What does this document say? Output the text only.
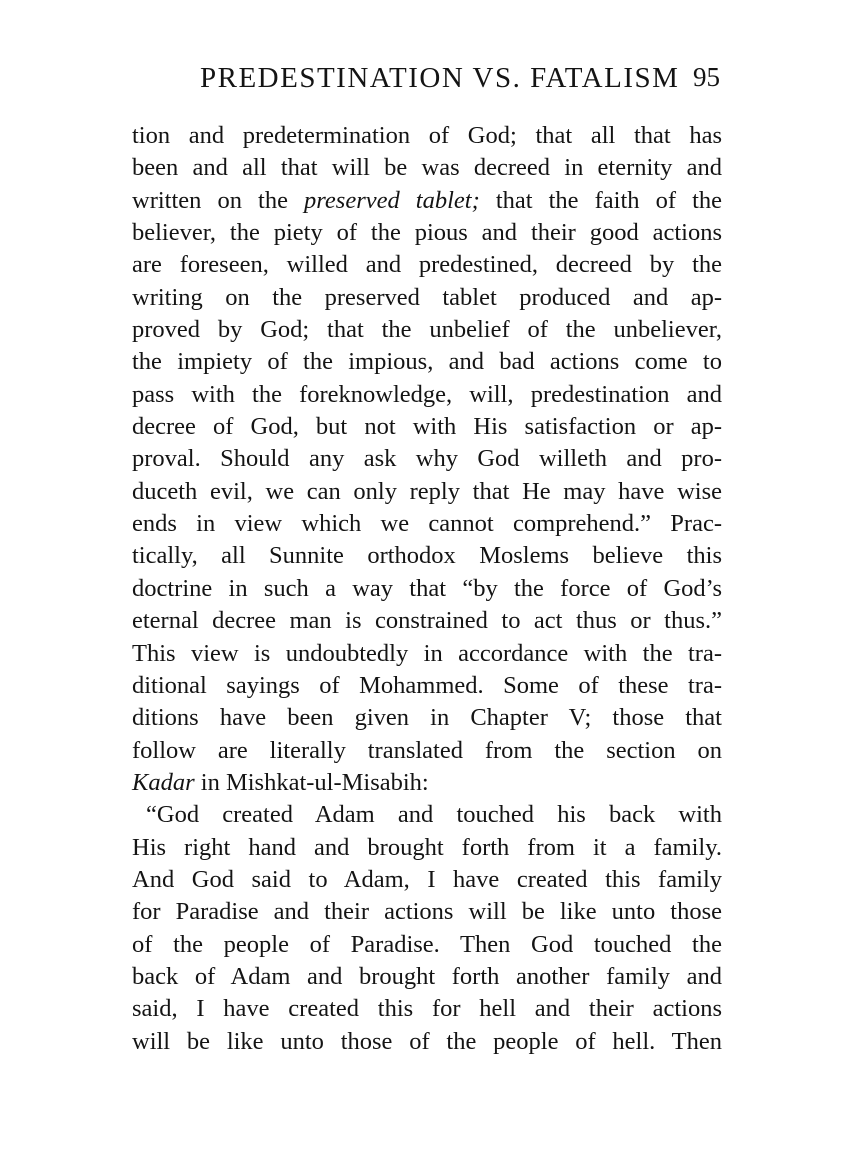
PREDESTINATION VS. FATALISM 95
tion and predetermination of God; that all that has
been and all that will be was decreed in eternity and
written on the preserved tablet; that the faith of the
believer, the piety of the pious and their good actions
are foreseen, willed and predestined, decreed by the
writing on the preserved tablet produced and ap-
proved by God; that the unbelief of the unbeliever,
the impiety of the impious, and bad actions come to
pass with the foreknowledge, will, predestination and
decree of God, but not with His satisfaction or ap-
proval. Should any ask why God willeth and pro-
duceth evil, we can only reply that He may have wise
ends in view which we cannot comprehend.” Prac-
tically, all Sunnite orthodox Moslems believe this
doctrine in such a way that “by the force of God’s
eternal decree man is constrained to act thus or thus.”
This view is undoubtedly in accordance with the tra-
ditional sayings of Mohammed. Some of these tra-
ditions have been given in Chapter V; those that
follow are literally translated from the section on
Kadar in Mishkat-ul-Misabih:
“God created Adam and touched his back with
His right hand and brought forth from it a family.
And God said to Adam, I have created this family
for Paradise and their actions will be like unto those
of the people of Paradise. Then God touched the
back of Adam and brought forth another family and
said, I have created this for hell and their actions
will be like unto those of the people of hell. Then
